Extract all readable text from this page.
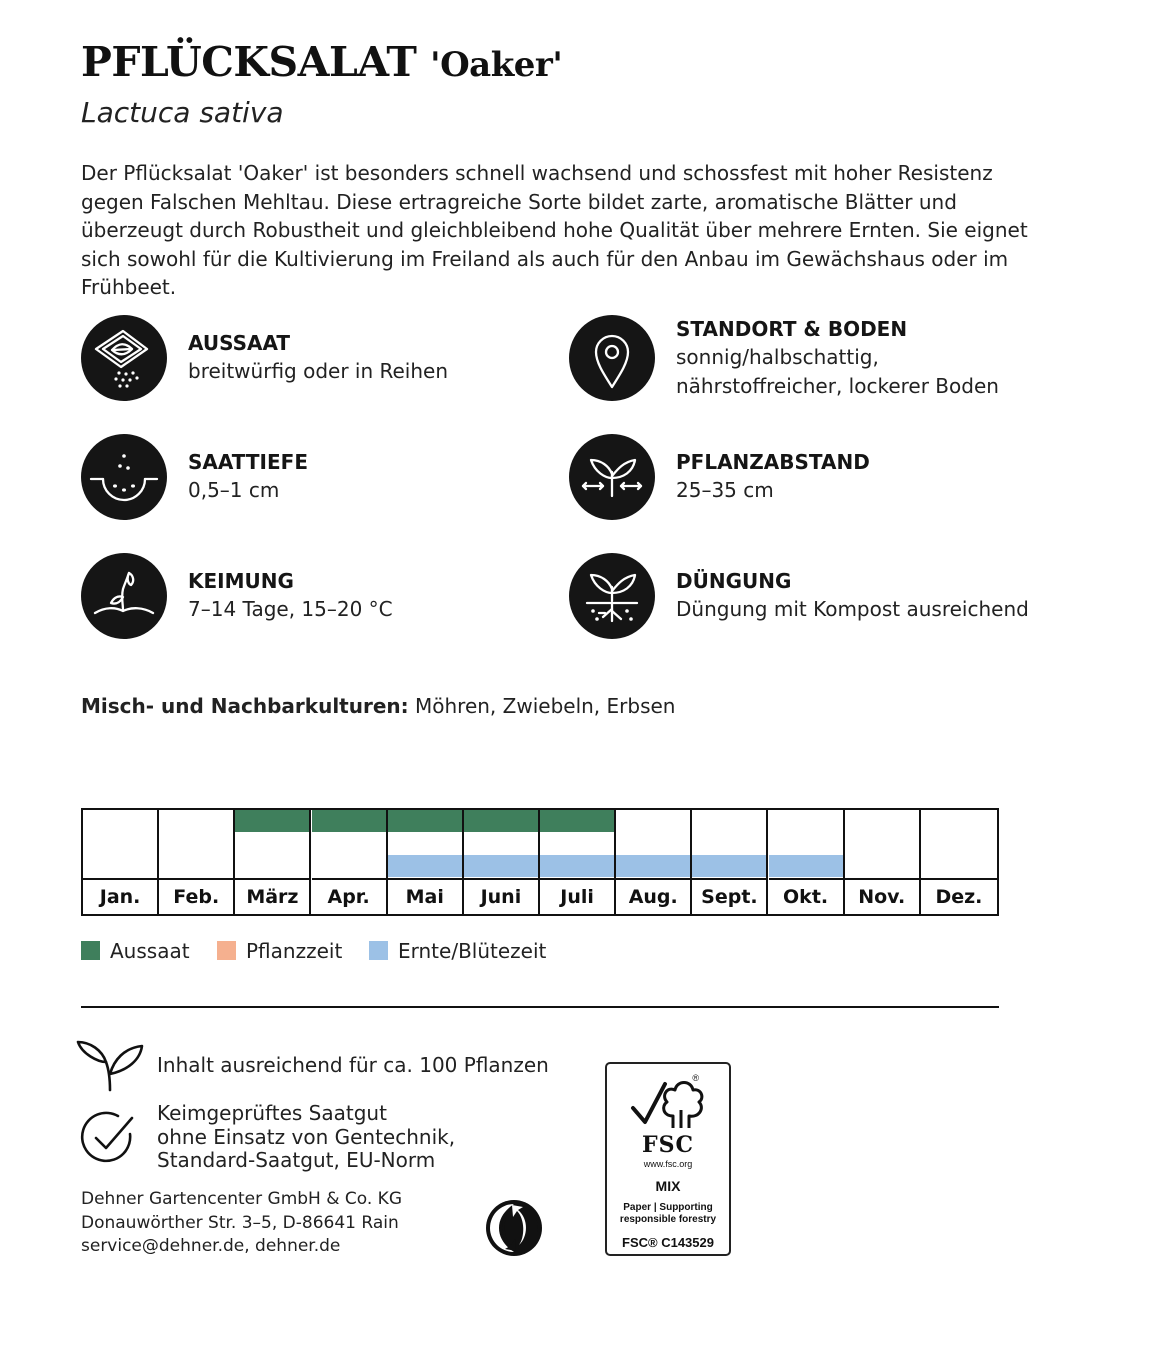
PFLÜCKSALAT 'Oaker'
Lactuca sativa

Der Pflücksalat 'Oaker' ist besonders schnell wachsend und schossfest mit hoher Resistenz gegen Falschen Mehltau. Diese ertragreiche Sorte bildet zarte, aromatische Blätter und überzeugt durch Robustheit und gleichbleibend hohe Qualität über mehrere Ernten. Sie eignet sich sowohl für die Kultivierung im Freiland als auch für den Anbau im Gewächshaus oder im Frühbeet.

AUSSAAT
breitwürfig oder in Reihen
STANDORT & BODEN
sonnig/halbschattig,
nährstoffreicher, lockerer Boden
SAATTIEFE
0,5–1 cm
PFLANZABSTAND
25–35 cm
KEIMUNG
7–14 Tage, 15–20 °C
DÜNGUNG
Düngung mit Kompost ausreichend
Misch- und Nachbarkulturen: Möhren, Zwiebeln, Erbsen
Jan.	Feb.	März	Apr.	Mai	Juni	Juli	Aug.	Sept.	Okt.	Nov.	Dez.
Aussaat	Pflanzzeit	Ernte/Blütezeit
Inhalt ausreichend für ca. 100 Pflanzen
Keimgeprüftes Saatgut
ohne Einsatz von Gentechnik,
Standard-Saatgut, EU-Norm
Dehner Gartencenter GmbH & Co. KG
Donauwörther Str. 3–5, D-86641 Rain
service@dehner.de, dehner.de
®
FSC
www.fsc.org
MIX
Paper | Supporting
responsible forestry
FSC® C143529
